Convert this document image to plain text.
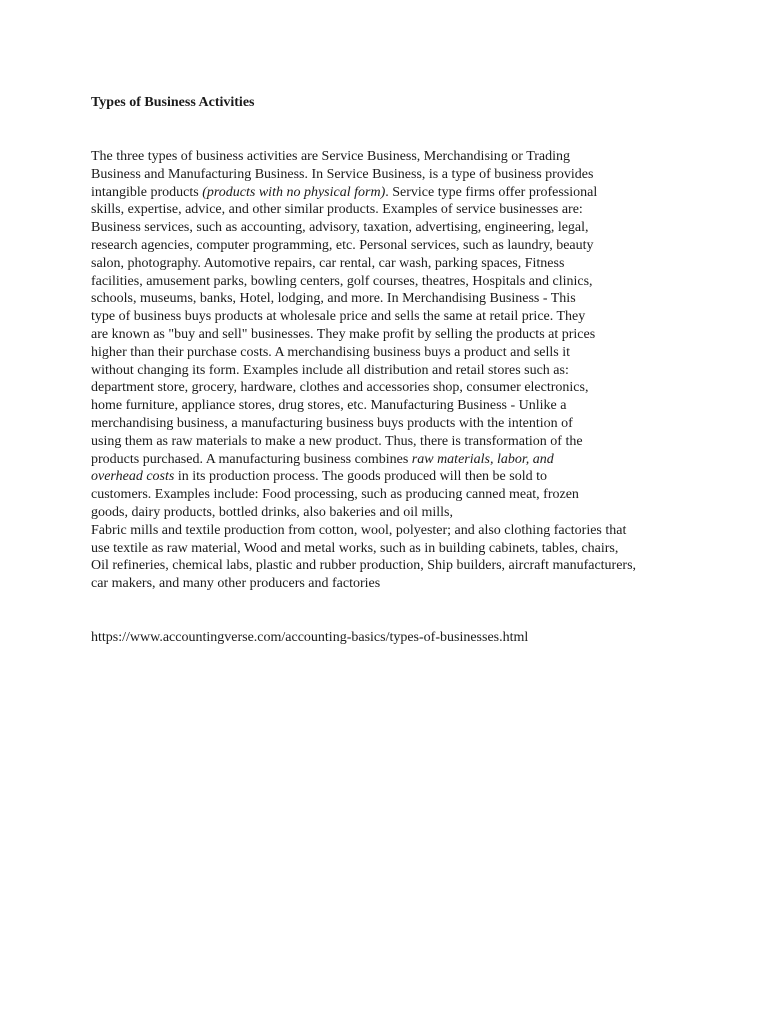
Types of Business Activities
The three types of business activities are Service Business, Merchandising or Trading
Business and Manufacturing Business. In Service Business, is a type of business provides
intangible products (products with no physical form). Service type firms offer professional
skills, expertise, advice, and other similar products. Examples of service businesses are:
Business services, such as accounting, advisory, taxation, advertising, engineering, legal,
research agencies, computer programming, etc. Personal services, such as laundry, beauty
salon, photography. Automotive repairs, car rental, car wash, parking spaces, Fitness
facilities, amusement parks, bowling centers, golf courses, theatres, Hospitals and clinics,
schools, museums, banks, Hotel, lodging, and more. In Merchandising Business - This
type of business buys products at wholesale price and sells the same at retail price. They
are known as "buy and sell" businesses. They make profit by selling the products at prices
higher than their purchase costs. A merchandising business buys a product and sells it
without changing its form. Examples include all distribution and retail stores such as:
department store, grocery, hardware, clothes and accessories shop, consumer electronics,
home furniture, appliance stores, drug stores, etc. Manufacturing Business - Unlike a
merchandising business, a manufacturing business buys products with the intention of
using them as raw materials to make a new product. Thus, there is transformation of the
products purchased. A manufacturing business combines raw materials, labor, and
overhead costs in its production process. The goods produced will then be sold to
customers. Examples include: Food processing, such as producing canned meat, frozen
goods, dairy products, bottled drinks, also bakeries and oil mills,
Fabric mills and textile production from cotton, wool, polyester; and also clothing factories that
use textile as raw material, Wood and metal works, such as in building cabinets, tables, chairs,
Oil refineries, chemical labs, plastic and rubber production, Ship builders, aircraft manufacturers,
car makers, and many other producers and factories
https://www.accountingverse.com/accounting-basics/types-of-businesses.html
